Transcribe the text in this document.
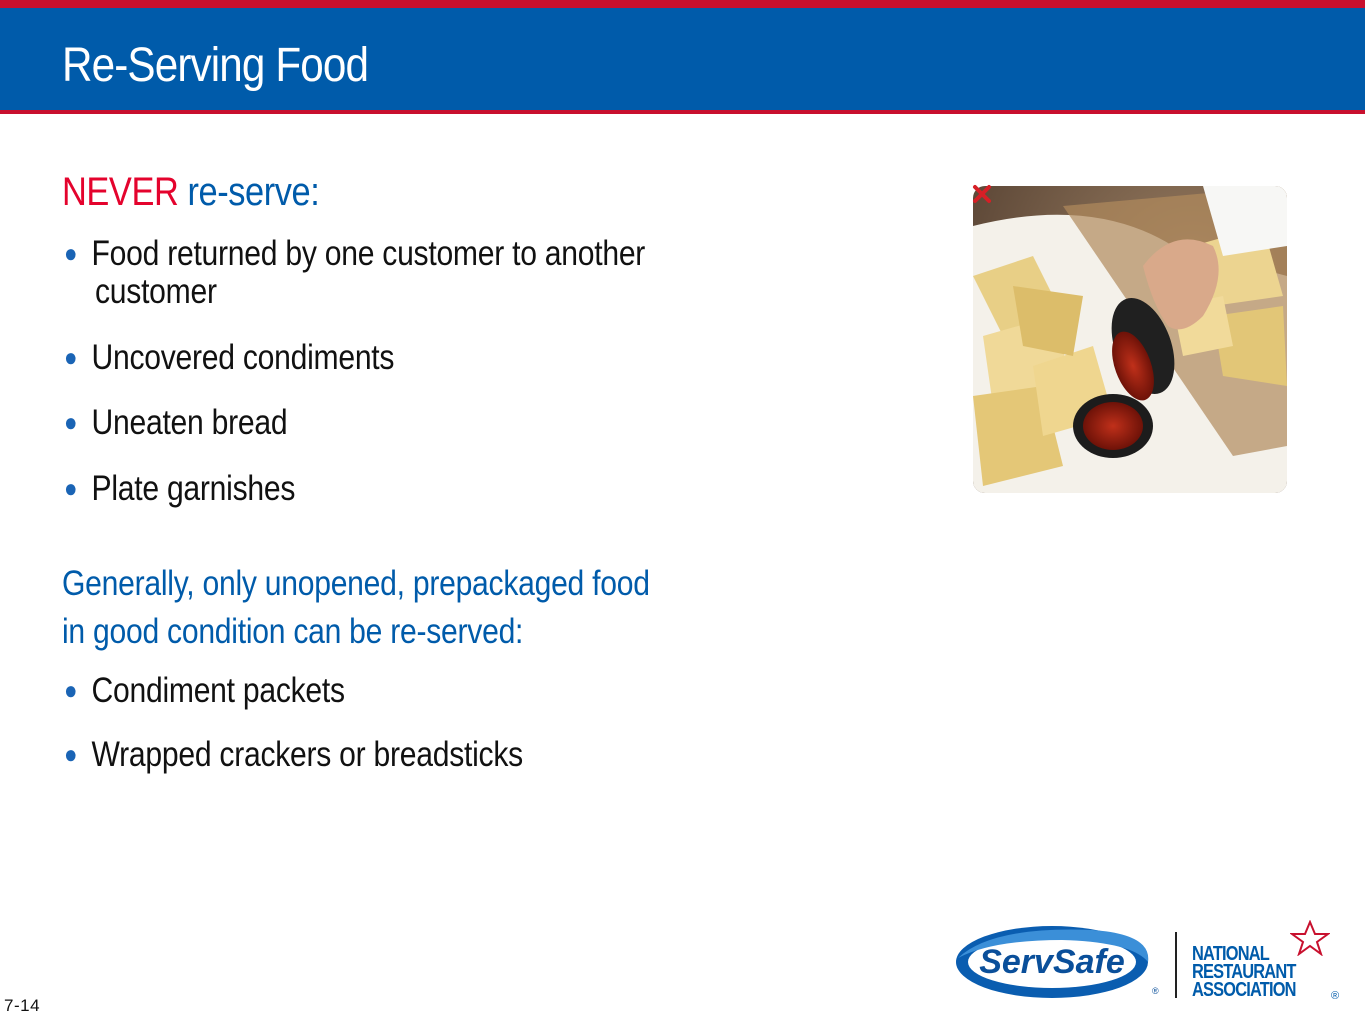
Re-Serving Food
NEVER re-serve:
● Food returned by one customer to another
customer
● Uncovered condiments
● Uneaten bread
● Plate garnishes
Generally, only unopened, prepackaged food
in good condition can be re-served:
● Condiment packets
● Wrapped crackers or breadsticks
7-14
ServSafe
®
NATIONAL
RESTAURANT
ASSOCIATION	®
